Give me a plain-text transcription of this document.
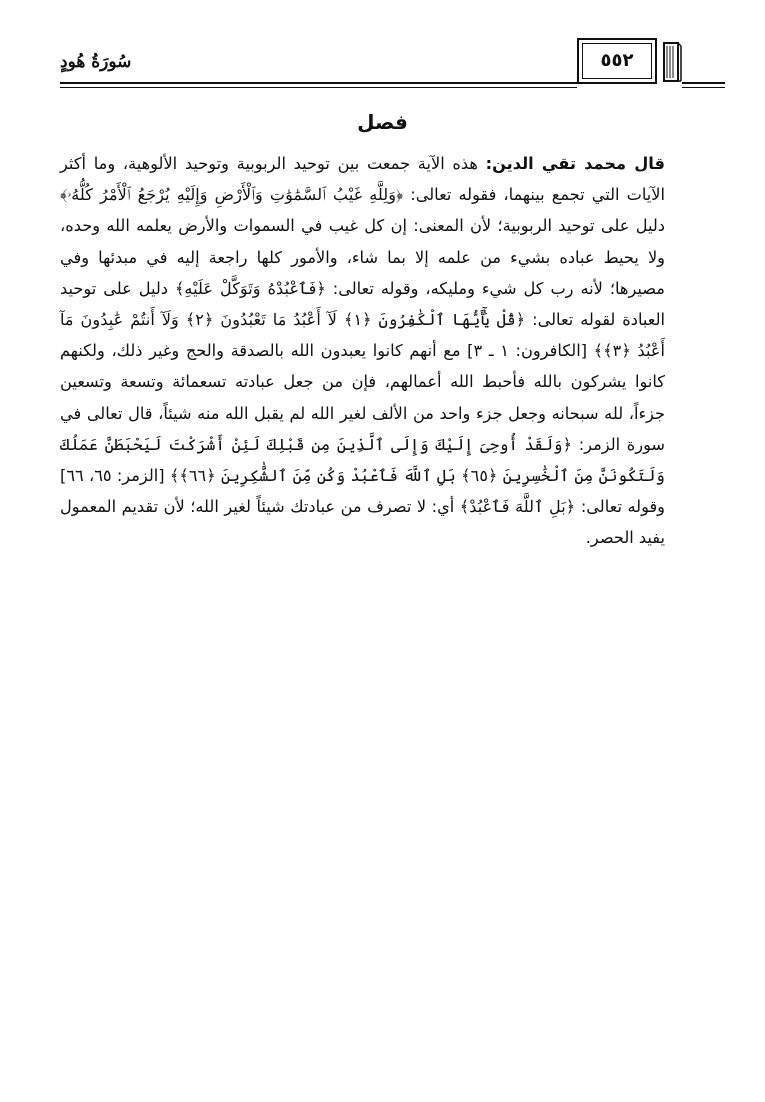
سُورَةُ هُودٍ	٥٥٢
فصل

قال محمد تقي الدين: هذه الآية جمعت بين توحيد الربوبية وتوحيد الألوهية، وما أكثر الآيات التي تجمع بينهما، فقوله تعالى: ﴿وَلِلَّهِ غَيْبُ ٱلسَّمَٰوَٰتِ وَٱلْأَرْضِ وَإِلَيْهِ يُرْجَعُ ٱلْأَمْرُ كُلُّهُۥ﴾ دليل على توحيد الربوبية؛ لأن المعنى: إن كل غيب في السموات والأرض يعلمه الله وحده، ولا يحيط عباده بشيء من علمه إلا بما شاء، والأمور كلها راجعة إليه في مبدئها وفي مصيرها؛ لأنه رب كل شيء ومليكه، وقوله تعالى: ﴿فَٱعْبُدْهُ وَتَوَكَّلْ عَلَيْهِ﴾ دليل على توحيد العبادة لقوله تعالى: ﴿قُلْ يَٰٓأَيُّهَا ٱلْكَٰفِرُونَ ﴿١﴾ لَآ أَعْبُدُ مَا تَعْبُدُونَ ﴿٢﴾ وَلَآ أَنتُمْ عَٰبِدُونَ مَآ أَعْبُدُ ﴿٣﴾﴾ [الكافرون: ١ ـ ٣] مع أنهم كانوا يعبدون الله بالصدقة والحج وغير ذلك، ولكنهم كانوا يشركون بالله فأحبط الله أعمالهم، فإن من جعل عبادته تسعمائة وتسعة وتسعين جزءاً، لله سبحانه وجعل جزء واحد من الألف لغير الله لم يقبل الله منه شيئاً، قال تعالى في سورة الزمر: ﴿وَلَقَدْ أُوحِىَ إِلَيْكَ وَإِلَى ٱلَّذِينَ مِن قَبْلِكَ لَئِنْ أَشْرَكْتَ لَيَحْبَطَنَّ عَمَلُكَ وَلَتَكُونَنَّ مِنَ ٱلْخَٰسِرِينَ ﴿٦٥﴾ بَلِ ٱللَّهَ فَٱعْبُدْ وَكُن مِّنَ ٱلشَّٰكِرِينَ ﴿٦٦﴾﴾ [الزمر: ٦٥، ٦٦] وقوله تعالى: ﴿بَلِ ٱللَّهَ فَٱعْبُدْ﴾ أي: لا تصرف من عبادتك شيئاً لغير الله؛ لأن تقديم المعمول يفيد الحصر.
